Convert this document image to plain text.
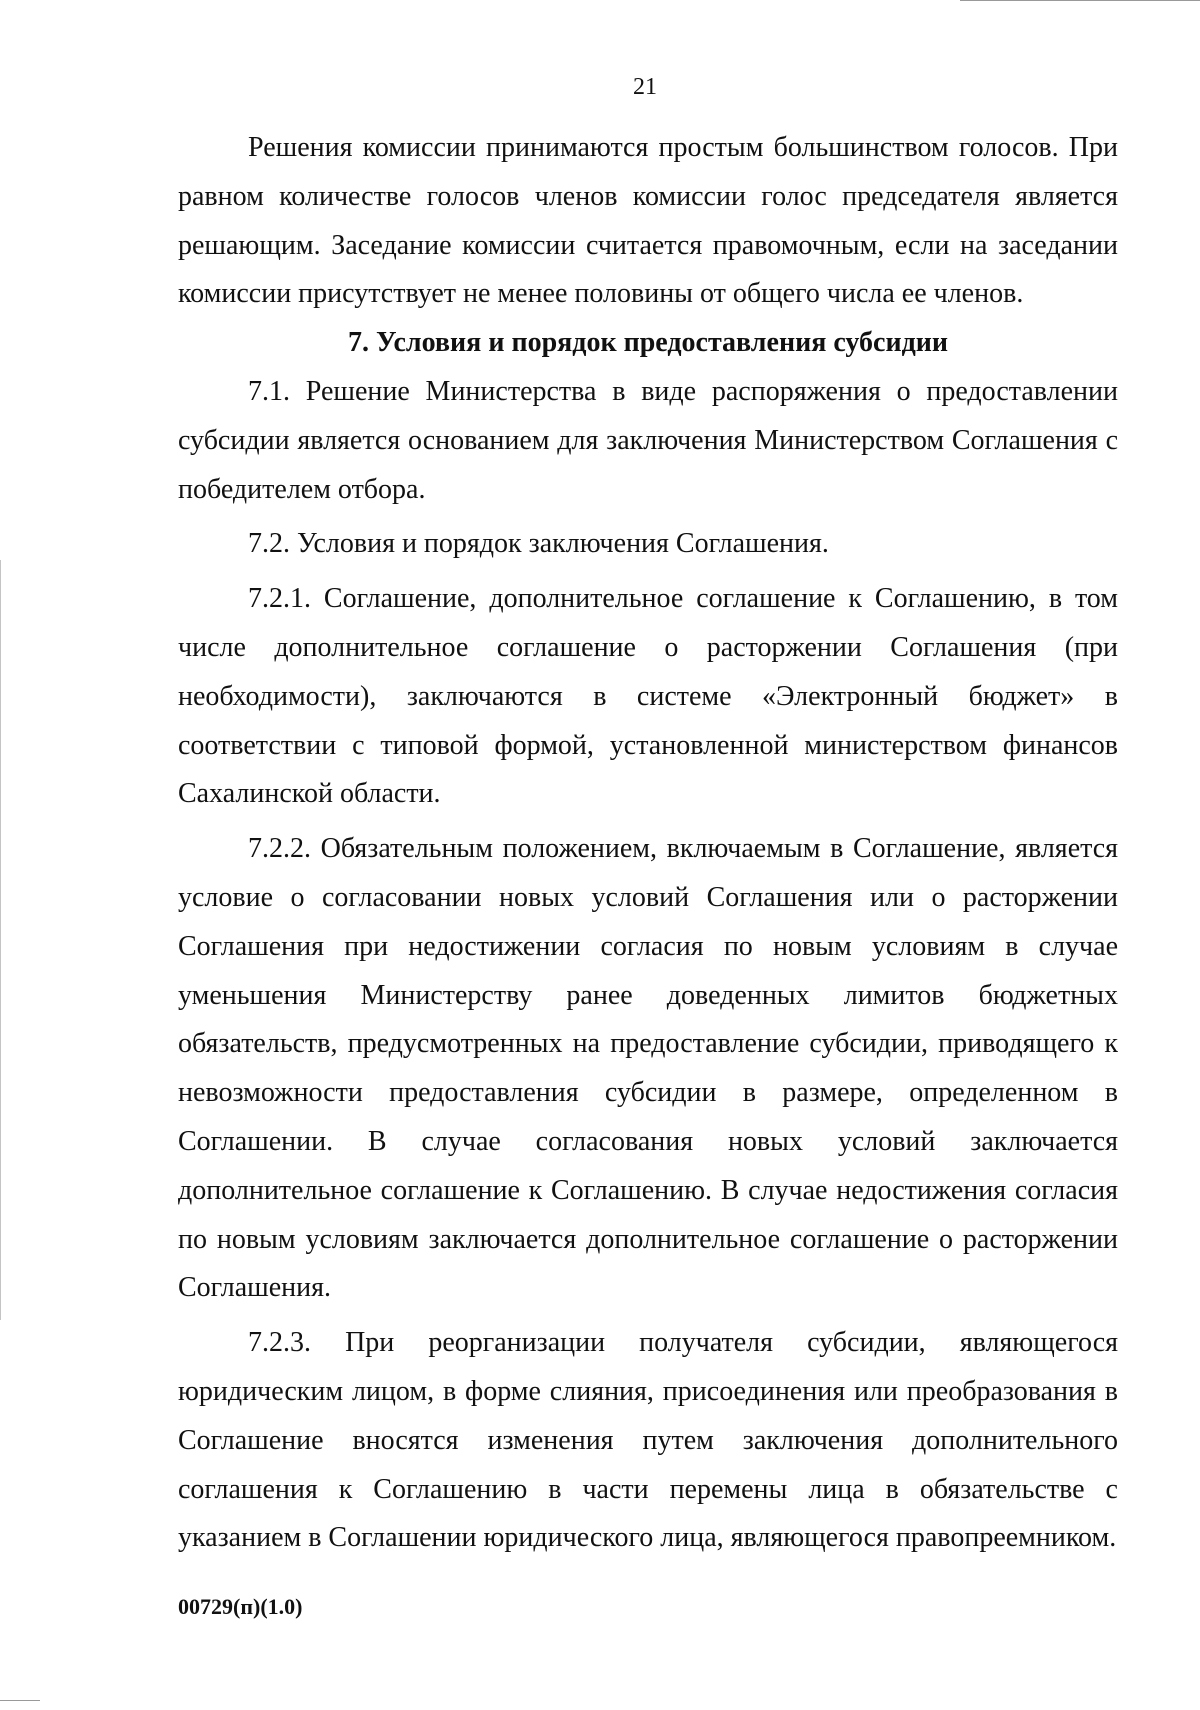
21

Решения комиссии принимаются простым большинством голосов. При равном количестве голосов членов комиссии голос председателя является решающим. Заседание комиссии считается правомочным, если на заседании комиссии присутствует не менее половины от общего числа ее членов.

7. Условия и порядок предоставления субсидии

7.1. Решение Министерства в виде распоряжения о предоставлении субсидии является основанием для заключения Министерством Соглашения с победителем отбора.

7.2. Условия и порядок заключения Соглашения.

7.2.1. Соглашение, дополнительное соглашение к Соглашению, в том числе дополнительное соглашение о расторжении Соглашения (при необходимости), заключаются в системе «Электронный бюджет» в соответствии с типовой формой, установленной министерством финансов Сахалинской области.

7.2.2. Обязательным положением, включаемым в Соглашение, является условие о согласовании новых условий Соглашения или о расторжении Соглашения при недостижении согласия по новым условиям в случае уменьшения Министерству ранее доведенных лимитов бюджетных обязательств, предусмотренных на предоставление субсидии, приводящего к невозможности предоставления субсидии в размере, определенном в Соглашении. В случае согласования новых условий заключается дополнительное соглашение к Соглашению. В случае недостижения согласия по новым условиям заключается дополнительное соглашение о расторжении Соглашения.

7.2.3. При реорганизации получателя субсидии, являющегося юридическим лицом, в форме слияния, присоединения или преобразования в Соглашение вносятся изменения путем заключения дополнительного соглашения к Соглашению в части перемены лица в обязательстве с указанием в Соглашении юридического лица, являющегося правопреемником.

00729(п)(1.0)
